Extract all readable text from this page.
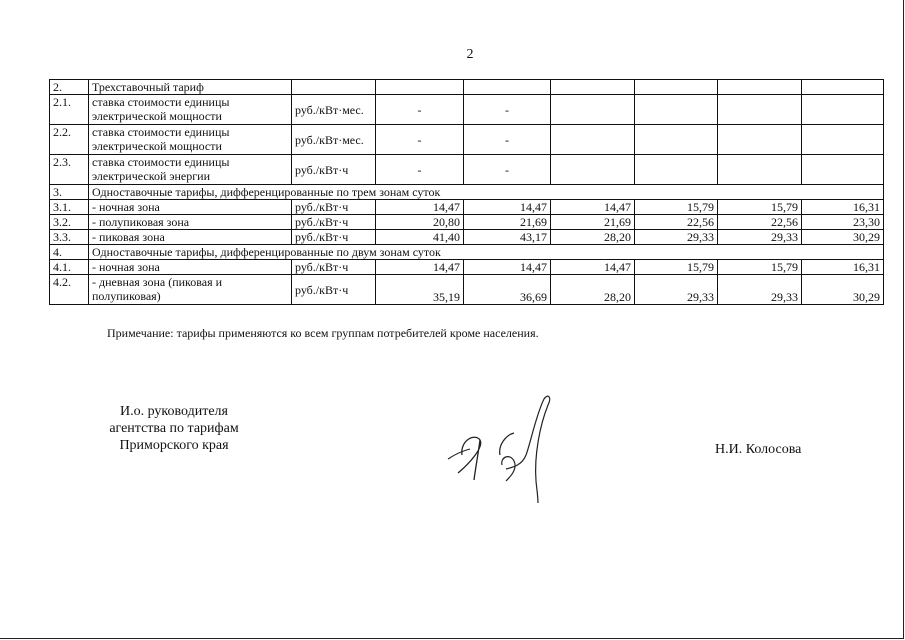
2
2.	Трехставочный тариф							
2.1.	ставка стоимости единицы электрической мощности	руб./кВт·мес.	-	-				
2.2.	ставка стоимости единицы электрической мощности	руб./кВт·мес.	-	-				
2.3.	ставка стоимости единицы электрической энергии	руб./кВт·ч	-	-				
3.	Одноставочные тарифы, дифференцированные по трем зонам суток							
3.1.	- ночная зона	руб./кВт·ч	14,47	14,47	14,47	15,79	15,79	16,31
3.2.	- полупиковая зона	руб./кВт·ч	20,80	21,69	21,69	22,56	22,56	23,30
3.3.	- пиковая зона	руб./кВт·ч	41,40	43,17	28,20	29,33	29,33	30,29
4.	Одноставочные тарифы, дифференцированные по двум зонам суток							
4.1.	- ночная зона	руб./кВт·ч	14,47	14,47	14,47	15,79	15,79	16,31
4.2.	- дневная зона (пиковая и полупиковая)	руб./кВт·ч	35,19	36,69	28,20	29,33	29,33	30,29
Примечание: тарифы применяются ко всем группам потребителей кроме населения.
И.о. руководителя
агентства по тарифам
Приморского края	Н.И. Колосова
